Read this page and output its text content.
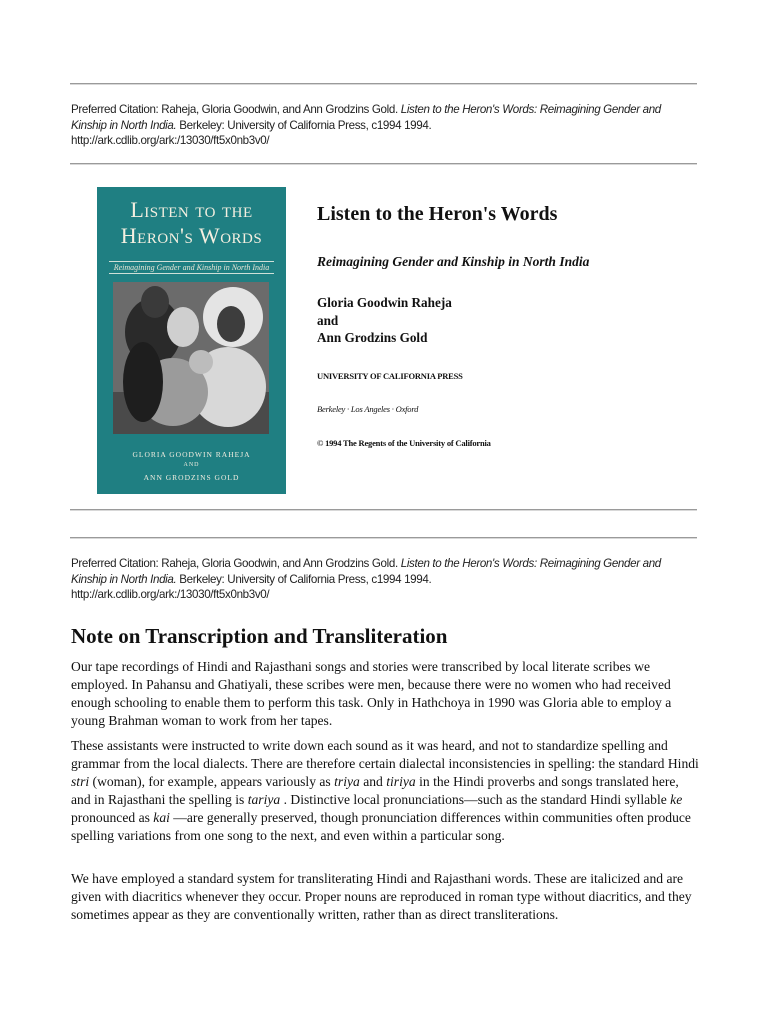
Preferred Citation: Raheja, Gloria Goodwin, and Ann Grodzins Gold. Listen to the Heron's Words: Reimagining Gender and Kinship in North India. Berkeley: University of California Press, c1994 1994.
http://ark.cdlib.org/ark:/13030/ft5x0nb3v0/
Listen to the
Heron's Words
Reimagining Gender and Kinship in North India
GLORIA GOODWIN RAHEJA
AND
ANN GRODZINS GOLD
Listen to the Heron's Words
Reimagining Gender and Kinship in North India
Gloria Goodwin Raheja
and
Ann Grodzins Gold
UNIVERSITY OF CALIFORNIA PRESS
Berkeley · Los Angeles · Oxford
© 1994 The Regents of the University of California
Preferred Citation: Raheja, Gloria Goodwin, and Ann Grodzins Gold. Listen to the Heron's Words: Reimagining Gender and Kinship in North India. Berkeley: University of California Press, c1994 1994.
http://ark.cdlib.org/ark:/13030/ft5x0nb3v0/
Note on Transcription and Transliteration

Our tape recordings of Hindi and Rajasthani songs and stories were transcribed by local literate scribes we employed. In Pahansu and Ghatiyali, these scribes were men, because there were no women who had received enough schooling to enable them to perform this task. Only in Hathchoya in 1990 was Gloria able to employ a young Brahman woman to work from her tapes.

These assistants were instructed to write down each sound as it was heard, and not to standardize spelling and grammar from the local dialects. There are therefore certain dialectal inconsistencies in spelling: the standard Hindi stri (woman), for example, appears variously as triya and tiriya in the Hindi proverbs and songs translated here, and in Rajasthani the spelling is tariya . Distinctive local pronunciations—such as the standard Hindi syllable ke pronounced as kai —are generally preserved, though pronunciation differences within communities often produce spelling variations from one song to the next, and even within a particular song.

We have employed a standard system for transliterating Hindi and Rajasthani words. These are italicized and are given with diacritics whenever they occur. Proper nouns are reproduced in roman type without diacritics, and they sometimes appear as they are conventionally written, rather than as direct transliterations.
